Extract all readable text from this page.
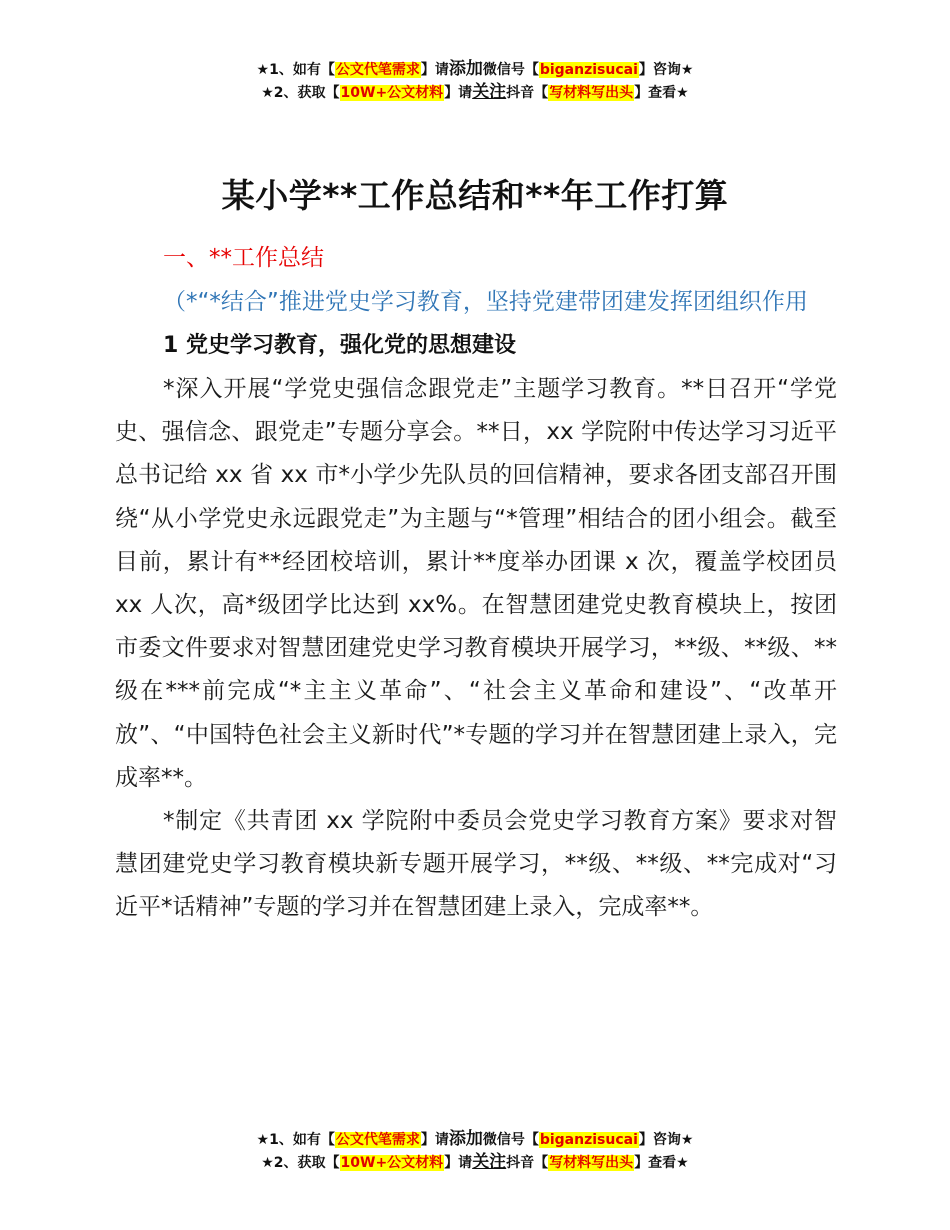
★1、如有【公文代笔需求】请添加微信号【biganzisucai】咨询★
★2、获取【10W+公文材料】请关注抖音【写材料写出头】查看★
某小学**工作总结和**年工作打算

一、**工作总结

（*“*结合”推进党史学习教育，坚持党建带团建发挥团组织作用

1 党史学习教育，强化党的思想建设

*深入开展“学党史强信念跟党走”主题学习教育。**日召开“学党史、强信念、跟党走”专题分享会。**日，xx 学院附中传达学习习近平总书记给 xx 省 xx 市*小学少先队员的回信精神，要求各团支部召开围绕“从小学党史永远跟党走”为主题与“*管理”相结合的团小组会。截至目前，累计有**经团校培训，累计**度举办团课 x 次，覆盖学校团员 xx 人次，高*级团学比达到 xx%。在智慧团建党史教育模块上，按团市委文件要求对智慧团建党史学习教育模块开展学习，**级、**级、**级在***前完成“*主主义革命”、“社会主义革命和建设”、“改革开放”、“中国特色社会主义新时代”*专题的学习并在智慧团建上录入，完成率**。

*制定《共青团 xx 学院附中委员会党史学习教育方案》要求对智慧团建党史学习教育模块新专题开展学习，**级、**级、**完成对“习近平*话精神”专题的学习并在智慧团建上录入，完成率**。

★1、如有【公文代笔需求】请添加微信号【biganzisucai】咨询★
★2、获取【10W+公文材料】请关注抖音【写材料写出头】查看★
